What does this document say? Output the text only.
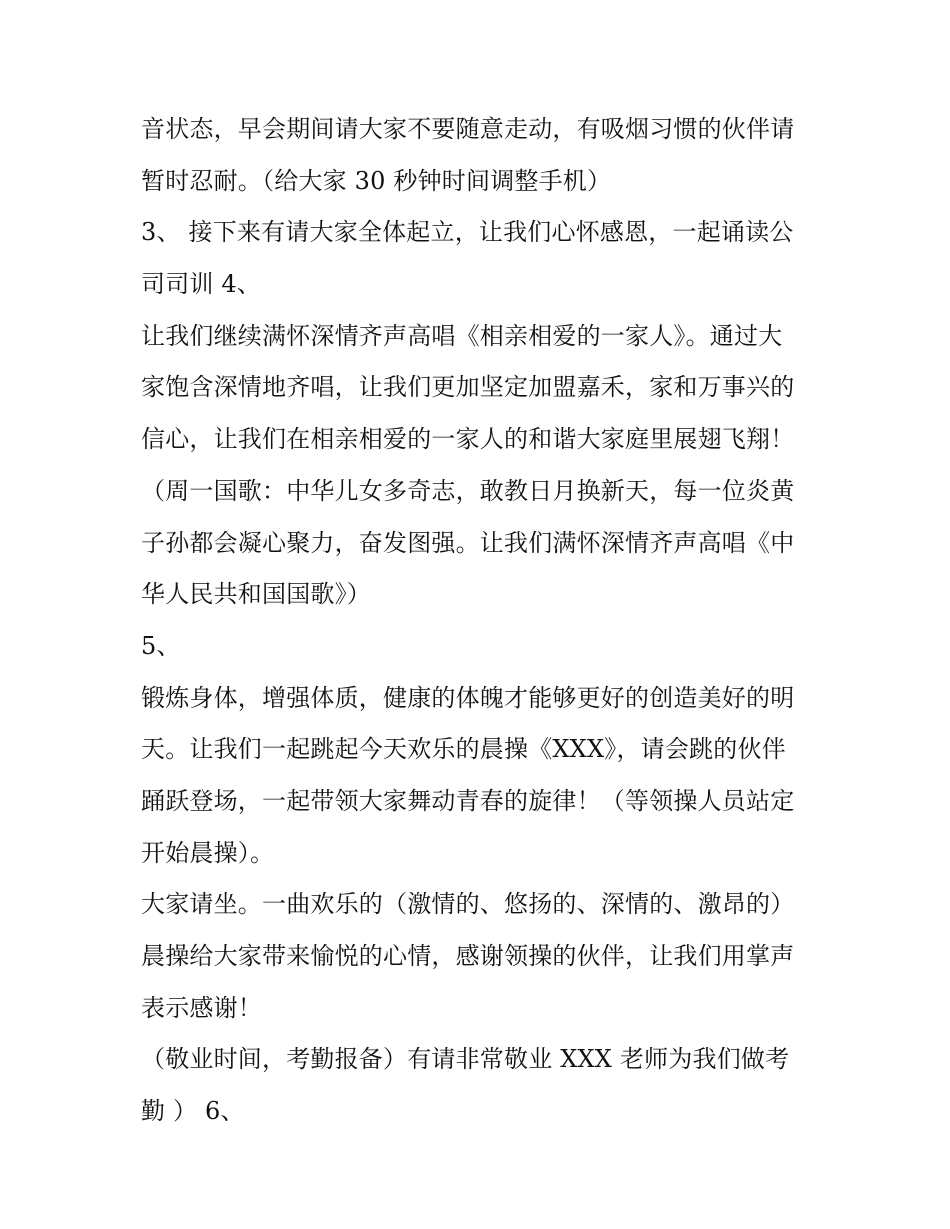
音状态，早会期间请大家不要随意走动，有吸烟习惯的伙伴请
暂时忍耐。（给大家 30 秒钟时间调整手机）
3、 接下来有请大家全体起立，让我们心怀感恩，一起诵读公
司司训 4、
让我们继续满怀深情齐声高唱《相亲相爱的一家人》。通过大
家饱含深情地齐唱，让我们更加坚定加盟嘉禾，家和万事兴的
信心，让我们在相亲相爱的一家人的和谐大家庭里展翅飞翔！
（周一国歌：中华儿女多奇志，敢教日月换新天，每一位炎黄
子孙都会凝心聚力，奋发图强。让我们满怀深情齐声高唱《中
华人民共和国国歌》）
5、
锻炼身体，增强体质，健康的体魄才能够更好的创造美好的明
天。让我们一起跳起今天欢乐的晨操《XXX》，请会跳的伙伴
踊跃登场，一起带领大家舞动青春的旋律！（等领操人员站定
开始晨操）。
大家请坐。一曲欢乐的（激情的、悠扬的、深情的、激昂的）
晨操给大家带来愉悦的心情，感谢领操的伙伴，让我们用掌声
表示感谢！
（敬业时间，考勤报备）有请非常敬业 XXX 老师为我们做考
勤 ） 6、
